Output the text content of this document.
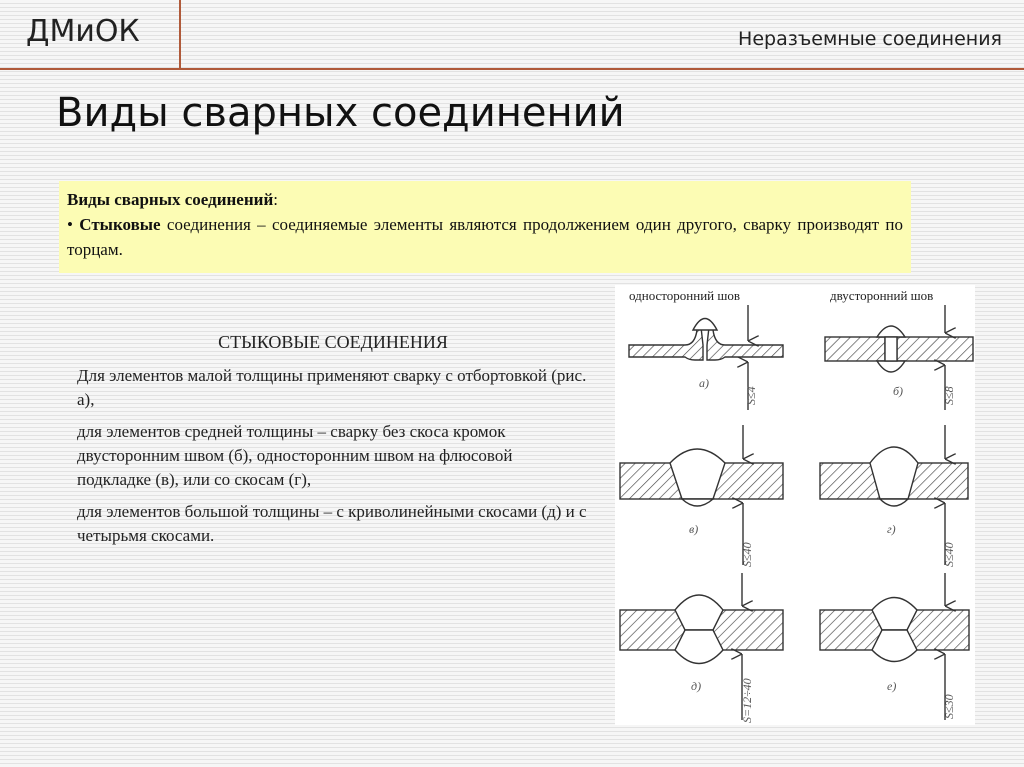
ДМиОК	Неразъемные соединения
Виды сварных соединений
Виды сварных соединений:
• Стыковые соединения – соединяемые элементы являются продолжением один другого, сварку производят по торцам.
СТЫКОВЫЕ СОЕДИНЕНИЯ

Для элементов малой толщины применяют сварку с отбортовкой (рис. а),

для элементов средней толщины – сварку без скоса кромок двусторонним швом (б), односторонним швом на флюсовой подкладке (в), или со скосам (г),

для элементов большой толщины – с криволинейными скосами (д) и с четырьмя скосами.

односторонний шов	двусторонний шов
а)
S≤4	б)	S≤8
в)
S≤40
г)
S≤40
д)	S=12÷40	е)
S≤30
